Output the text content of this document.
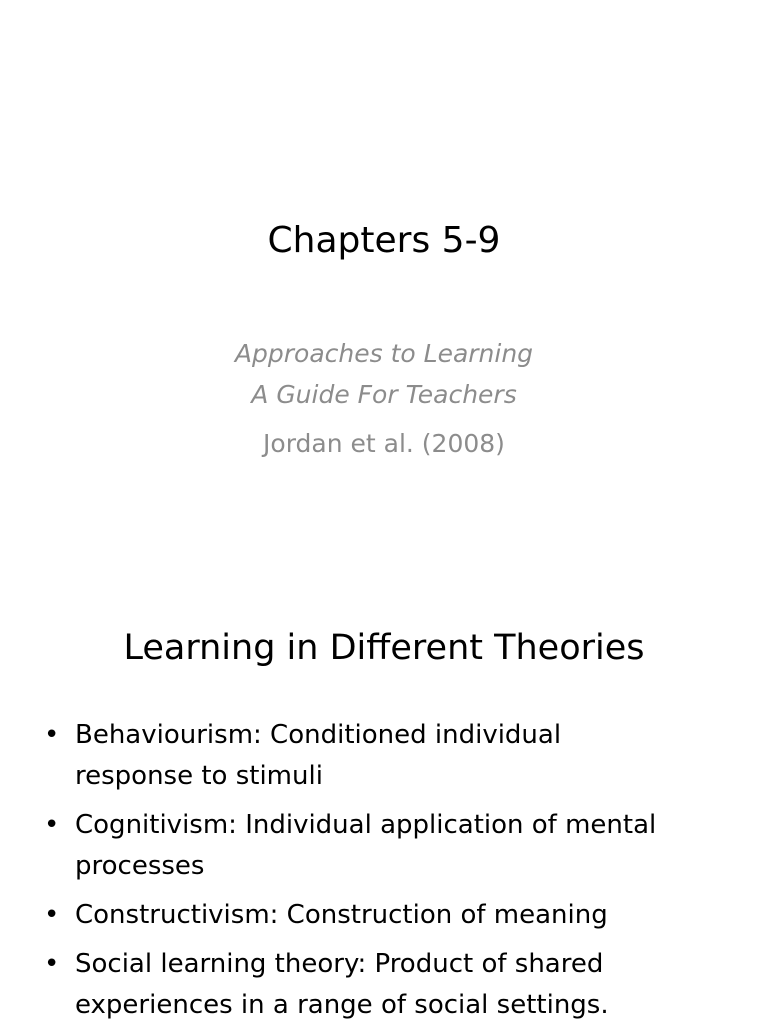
Chapters 5-9
Approaches to Learning
A Guide For Teachers
Jordan et al. (2008)
Learning in Different Theories
• Behaviourism: Conditioned individual
response to stimuli
• Cognitivism: Individual application of mental
processes
• Constructivism: Construction of meaning
• Social learning theory: Product of shared
experiences in a range of social settings.
